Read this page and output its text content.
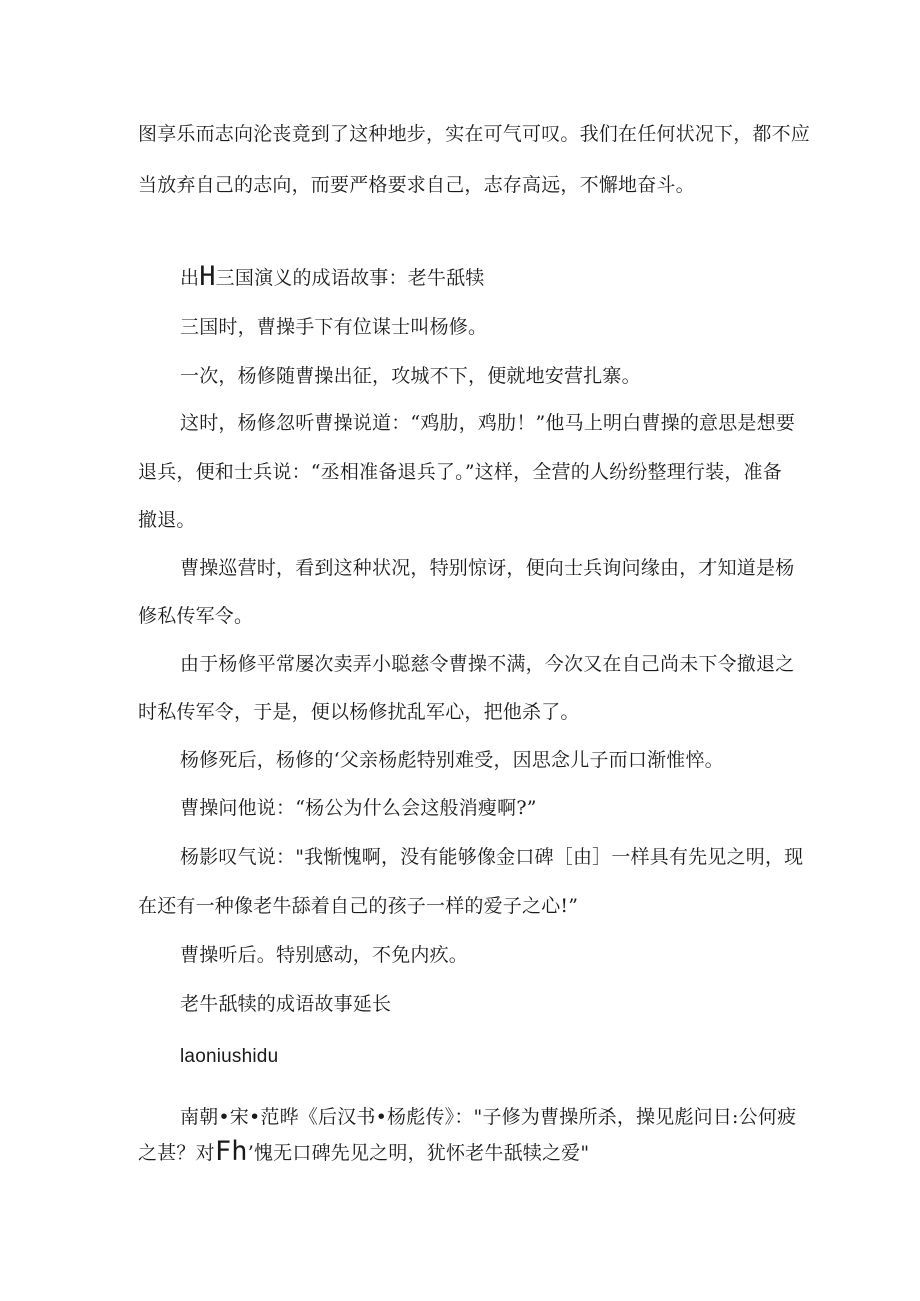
图享乐而志向沦丧竟到了这种地步，实在可气可叹。我们在任何状况下，都不应
当放弃自己的志向，而要严格要求自己，志存高远，不懈地奋斗。
出H三国演义的成语故事：老牛舐犊
三国时，曹操手下有位谋士叫杨修。
一次，杨修随曹操出征，攻城不下，便就地安营扎寨。
这时，杨修忽听曹操说道：“鸡肋，鸡肋！”他马上明白曹操的意思是想要
退兵，便和士兵说：“丞相准备退兵了。”这样，全营的人纷纷整理行装，准备
撤退。
曹操巡营时，看到这种状况，特别惊讶，便向士兵询问缘由，才知道是杨
修私传军令。
由于杨修平常屡次卖弄小聪慈令曹操不满，今次又在自己尚未下令撤退之
时私传军令，于是，便以杨修扰乱军心，把他杀了。
杨修死后，杨修的‘父亲杨彪特别难受，因思念儿子而口渐惟悴。
曹操问他说：“杨公为什么会这般消瘦啊?”
杨影叹气说："我惭愧啊，没有能够像金口碑［由］一样具有先见之明，现
在还有一种像老牛舔着自己的孩子一样的爱子之心!”
曹操听后。特别感动，不免内疚。
老牛舐犊的成语故事延长
laoniushidu
南朝•宋•范晔《后汉书•杨彪传》："子修为曹操所杀，操见彪问日:公何疲
之甚？对Fh’愧无口碑先见之明，犹怀老牛舐犊之爱"
